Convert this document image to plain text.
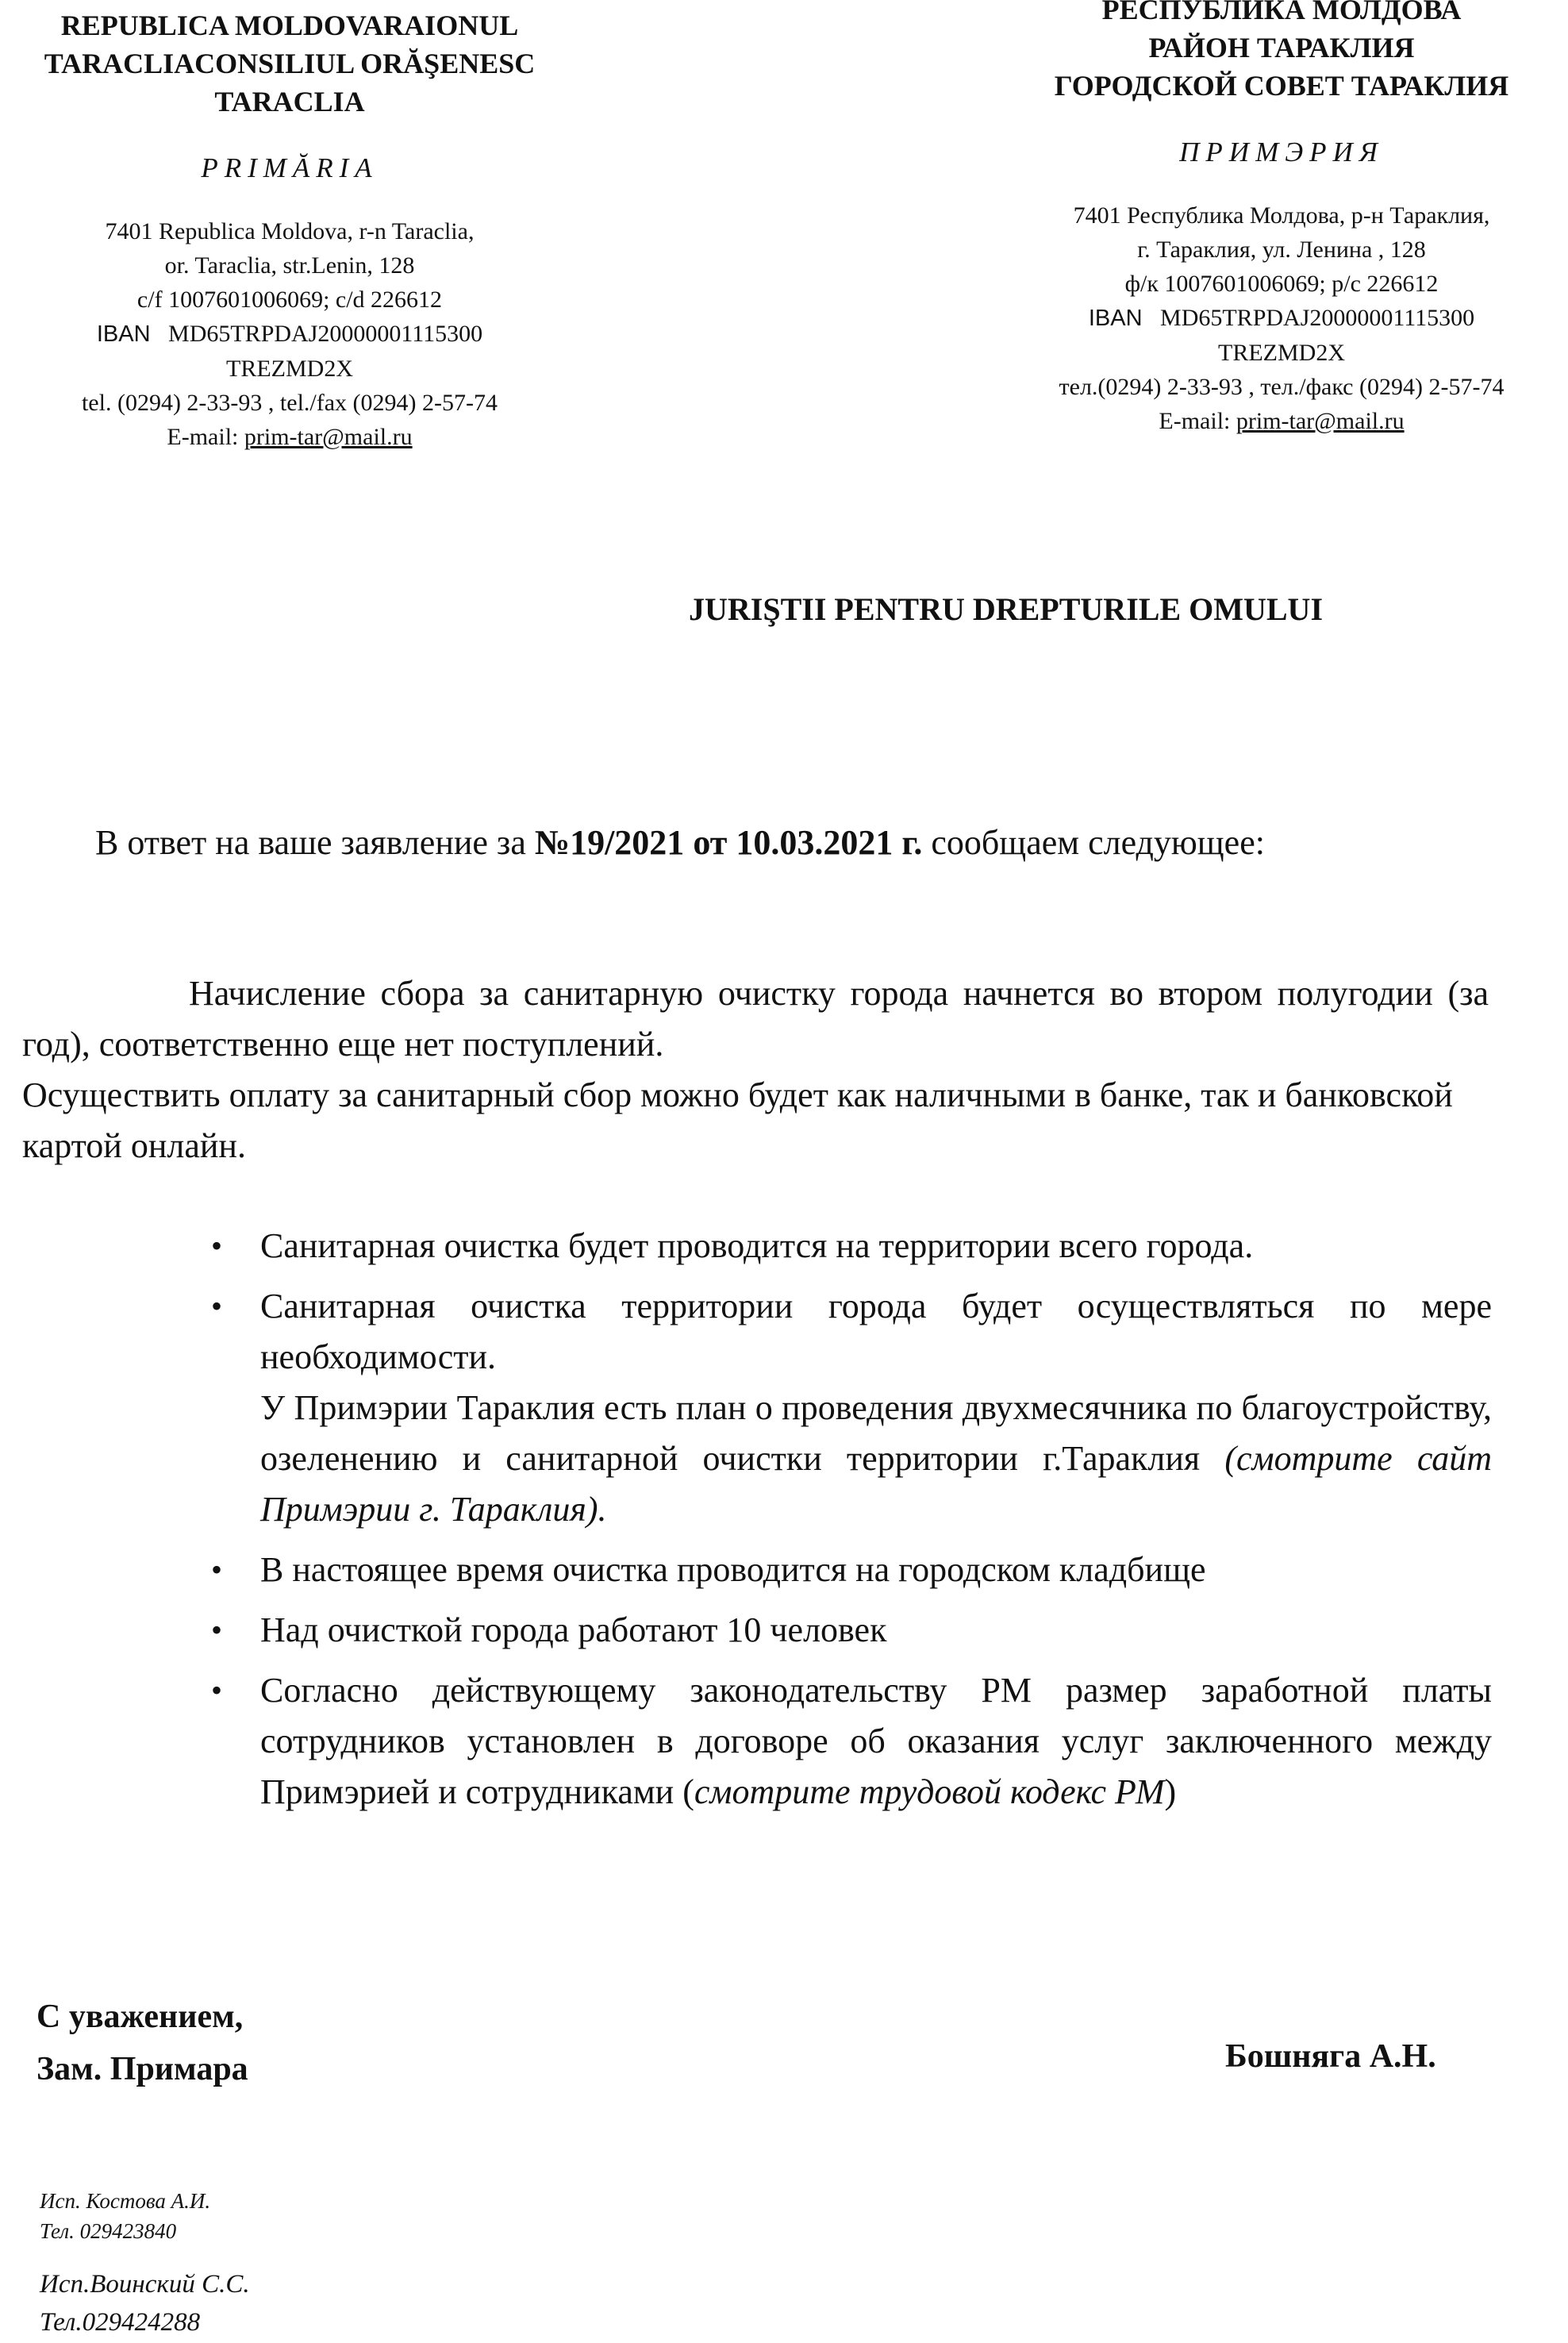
REPUBLICA MOLDOVARAIONUL
TARACLIACONSILIUL ORĂŞENESC
TARACLIA
PRIMĂRIA
7401 Republica Moldova, r-n Taraclia,
or. Taraclia, str.Lenin, 128
c/f 1007601006069; c/d 226612
IBAN MD65TRPDAJ20000001115300
TREZMD2X
tel. (0294) 2-33-93 , tel./fax (0294) 2-57-74
E-mail: prim-tar@mail.ru
РЕСПУБЛИКА МОЛДОВА
РАЙОН ТАРАКЛИЯ
ГОРОДСКОЙ СОВЕТ ТАРАКЛИЯ
ПРИМЭРИЯ
7401 Республика Молдова, р-н Тараклия,
г. Тараклия, ул. Ленина , 128
ф/к 1007601006069; р/с 226612
IBAN MD65TRPDAJ20000001115300
TREZMD2X
тел.(0294) 2-33-93 , тел./факс (0294) 2-57-74
E-mail: prim-tar@mail.ru
JURIŞTII PENTRU DREPTURILE OMULUI
В ответ на ваше заявление за №19/2021 от 10.03.2021 г. сообщаем следующее:
Начисление сбора за санитарную очистку города начнется во втором полугодии (за год), соответственно еще нет поступлений.
Осуществить оплату за санитарный сбор можно будет как наличными в банке, так и банковской картой онлайн.
• Санитарная очистка будет проводится на территории всего города.
• Санитарная очистка территории города будет осуществляться по мере необходимости.
У Примэрии Тараклия есть план о проведения двухмесячника по благоустройству, озеленению и санитарной очистки территории г.Тараклия (смотрите сайт Примэрии г. Тараклия).
• В настоящее время очистка проводится на городском кладбище
• Над очисткой города работают 10 человек
• Согласно действующему законодательству РМ размер заработной платы сотрудников установлен в договоре об оказания услуг заключенного между Примэрией и сотрудниками (смотрите трудовой кодекс РМ)
С уважением,
Зам. Примара	Бошняга А.Н.
Исп. Костова А.И.
Тел. 029423840
Исп.Воинский С.С.
Тел.029424288
